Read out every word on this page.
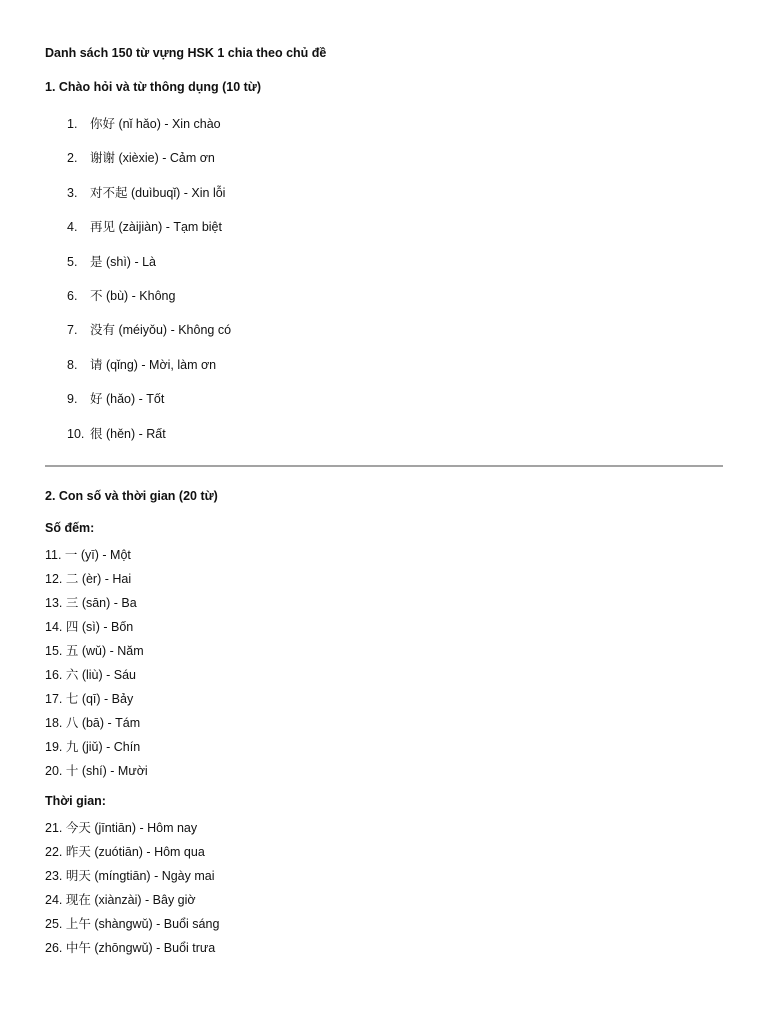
Danh sách 150 từ vựng HSK 1 chia theo chủ đề
1. Chào hỏi và từ thông dụng (10 từ)
1. 你好 (nǐ hǎo) - Xin chào
2. 谢谢 (xièxie) - Cảm ơn
3. 对不起 (duìbuqǐ) - Xin lỗi
4. 再见 (zàijiàn) - Tạm biệt
5. 是 (shì) - Là
6. 不 (bù) - Không
7. 没有 (méiyǒu) - Không có
8. 请 (qǐng) - Mời, làm ơn
9. 好 (hǎo) - Tốt
10. 很 (hěn) - Rất
2. Con số và thời gian (20 từ)
Số đếm:
11. 一 (yī) - Một
12. 二 (èr) - Hai
13. 三 (sān) - Ba
14. 四 (sì) - Bốn
15. 五 (wǔ) - Năm
16. 六 (liù) - Sáu
17. 七 (qī) - Bảy
18. 八 (bā) - Tám
19. 九 (jiǔ) - Chín
20. 十 (shí) - Mười
Thời gian:
21. 今天 (jīntiān) - Hôm nay
22. 昨天 (zuótiān) - Hôm qua
23. 明天 (míngtiān) - Ngày mai
24. 现在 (xiànzài) - Bây giờ
25. 上午 (shàngwǔ) - Buổi sáng
26. 中午 (zhōngwǔ) - Buổi trưa
